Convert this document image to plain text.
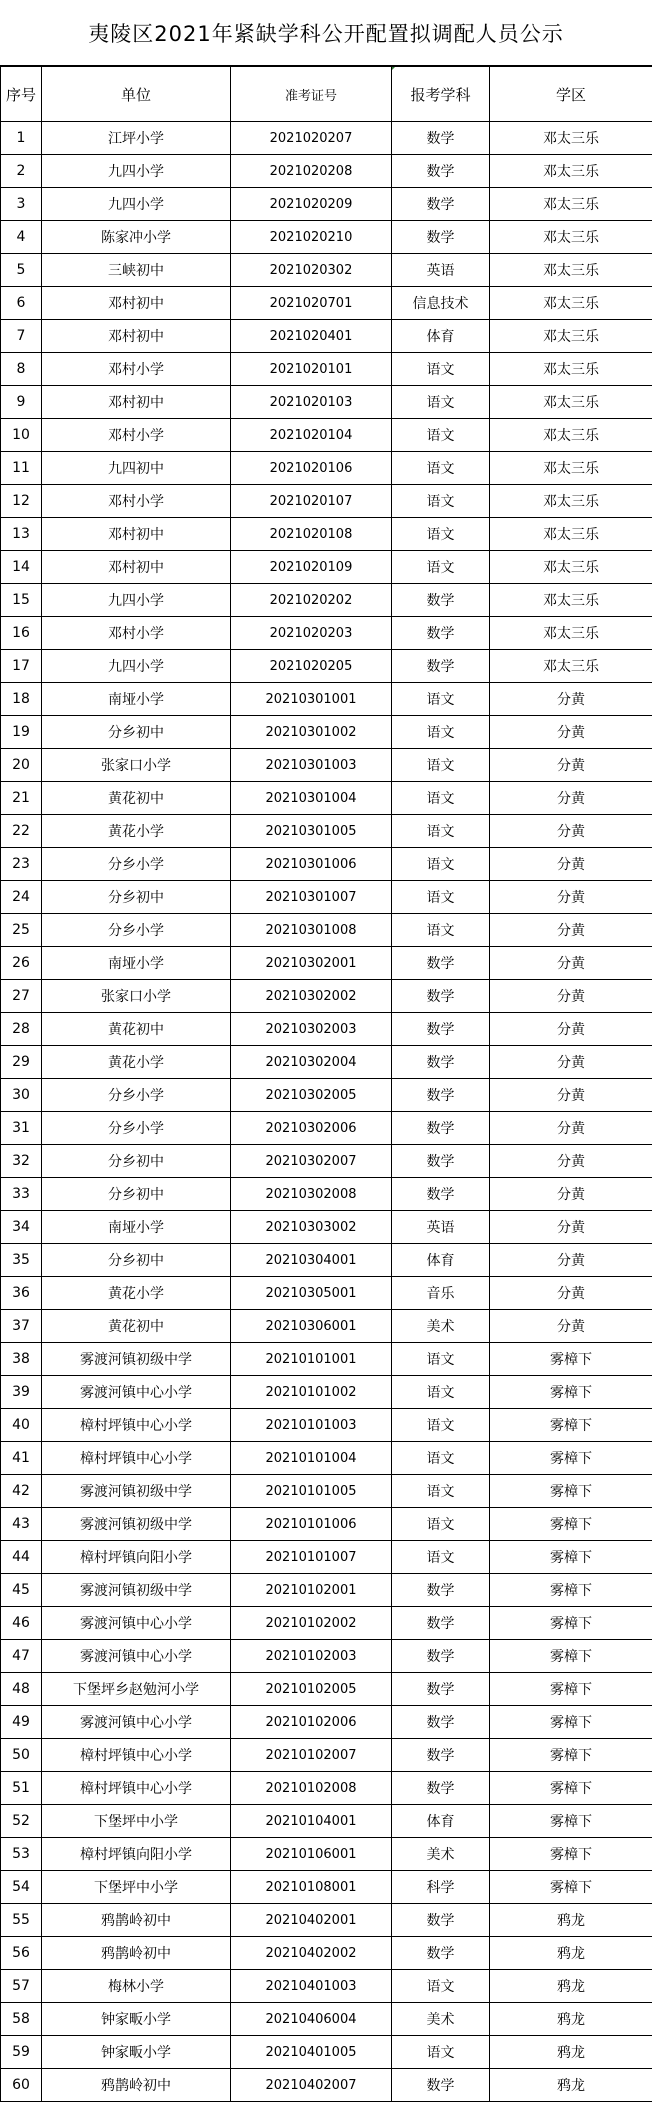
夷陵区2021年紧缺学科公开配置拟调配人员公示
序号	单位	准考证号	报考学科	学区
1	江坪小学	2021020207	数学	邓太三乐
2	九四小学	2021020208	数学	邓太三乐
3	九四小学	2021020209	数学	邓太三乐
4	陈家冲小学	2021020210	数学	邓太三乐
5	三峡初中	2021020302	英语	邓太三乐
6	邓村初中	2021020701	信息技术	邓太三乐
7	邓村初中	2021020401	体育	邓太三乐
8	邓村小学	2021020101	语文	邓太三乐
9	邓村初中	2021020103	语文	邓太三乐
10	邓村小学	2021020104	语文	邓太三乐
11	九四初中	2021020106	语文	邓太三乐
12	邓村小学	2021020107	语文	邓太三乐
13	邓村初中	2021020108	语文	邓太三乐
14	邓村初中	2021020109	语文	邓太三乐
15	九四小学	2021020202	数学	邓太三乐
16	邓村小学	2021020203	数学	邓太三乐
17	九四小学	2021020205	数学	邓太三乐
18	南垭小学	20210301001	语文	分黄
19	分乡初中	20210301002	语文	分黄
20	张家口小学	20210301003	语文	分黄
21	黄花初中	20210301004	语文	分黄
22	黄花小学	20210301005	语文	分黄
23	分乡小学	20210301006	语文	分黄
24	分乡初中	20210301007	语文	分黄
25	分乡小学	20210301008	语文	分黄
26	南垭小学	20210302001	数学	分黄
27	张家口小学	20210302002	数学	分黄
28	黄花初中	20210302003	数学	分黄
29	黄花小学	20210302004	数学	分黄
30	分乡小学	20210302005	数学	分黄
31	分乡小学	20210302006	数学	分黄
32	分乡初中	20210302007	数学	分黄
33	分乡初中	20210302008	数学	分黄
34	南垭小学	20210303002	英语	分黄
35	分乡初中	20210304001	体育	分黄
36	黄花小学	20210305001	音乐	分黄
37	黄花初中	20210306001	美术	分黄
38	雾渡河镇初级中学	20210101001	语文	雾樟下
39	雾渡河镇中心小学	20210101002	语文	雾樟下
40	樟村坪镇中心小学	20210101003	语文	雾樟下
41	樟村坪镇中心小学	20210101004	语文	雾樟下
42	雾渡河镇初级中学	20210101005	语文	雾樟下
43	雾渡河镇初级中学	20210101006	语文	雾樟下
44	樟村坪镇向阳小学	20210101007	语文	雾樟下
45	雾渡河镇初级中学	20210102001	数学	雾樟下
46	雾渡河镇中心小学	20210102002	数学	雾樟下
47	雾渡河镇中心小学	20210102003	数学	雾樟下
48	下堡坪乡赵勉河小学	20210102005	数学	雾樟下
49	雾渡河镇中心小学	20210102006	数学	雾樟下
50	樟村坪镇中心小学	20210102007	数学	雾樟下
51	樟村坪镇中心小学	20210102008	数学	雾樟下
52	下堡坪中小学	20210104001	体育	雾樟下
53	樟村坪镇向阳小学	20210106001	美术	雾樟下
54	下堡坪中小学	20210108001	科学	雾樟下
55	鸦鹊岭初中	20210402001	数学	鸦龙
56	鸦鹊岭初中	20210402002	数学	鸦龙
57	梅林小学	20210401003	语文	鸦龙
58	钟家畈小学	20210406004	美术	鸦龙
59	钟家畈小学	20210401005	语文	鸦龙
60	鸦鹊岭初中	20210402007	数学	鸦龙
